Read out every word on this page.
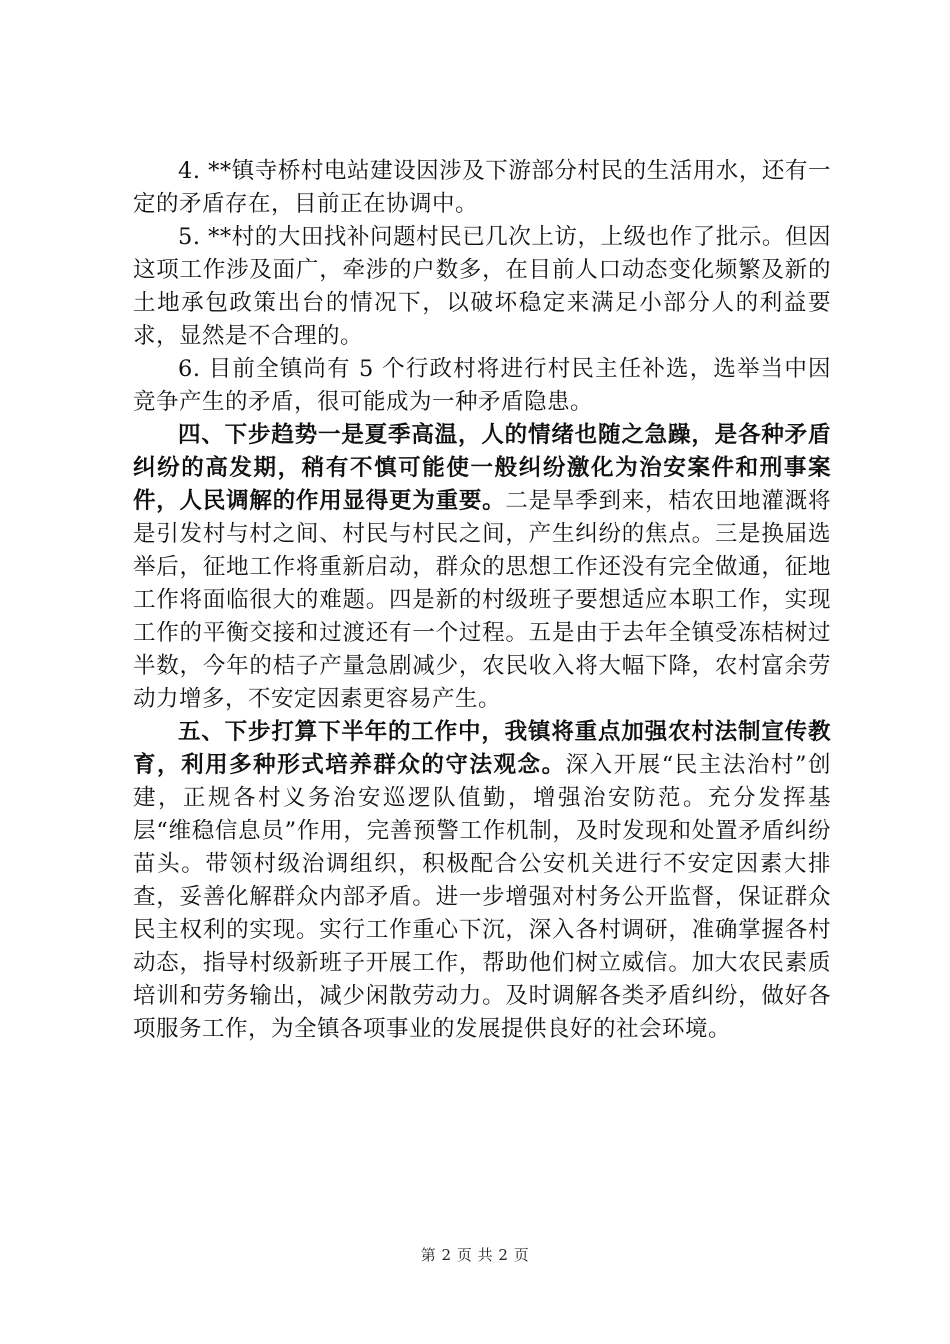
4. **镇寺桥村电站建设因涉及下游部分村民的生活用水，还有一定的矛盾存在，目前正在协调中。

5. **村的大田找补问题村民已几次上访，上级也作了批示。但因这项工作涉及面广，牵涉的户数多，在目前人口动态变化频繁及新的土地承包政策出台的情况下，以破坏稳定来满足小部分人的利益要求，显然是不合理的。

6. 目前全镇尚有 5 个行政村将进行村民主任补选，选举当中因竞争产生的矛盾，很可能成为一种矛盾隐患。

四、下步趋势一是夏季高温，人的情绪也随之急躁，是各种矛盾纠纷的高发期，稍有不慎可能使一般纠纷激化为治安案件和刑事案件，人民调解的作用显得更为重要。二是旱季到来，桔农田地灌溉将是引发村与村之间、村民与村民之间，产生纠纷的焦点。三是换届选举后，征地工作将重新启动，群众的思想工作还没有完全做通，征地工作将面临很大的难题。四是新的村级班子要想适应本职工作，实现工作的平衡交接和过渡还有一个过程。五是由于去年全镇受冻桔树过半数，今年的桔子产量急剧减少，农民收入将大幅下降，农村富余劳动力增多，不安定因素更容易产生。

五、下步打算下半年的工作中，我镇将重点加强农村法制宣传教育，利用多种形式培养群众的守法观念。深入开展“民主法治村”创建，正规各村义务治安巡逻队值勤，增强治安防范。充分发挥基层“维稳信息员”作用，完善预警工作机制，及时发现和处置矛盾纠纷苗头。带领村级治调组织，积极配合公安机关进行不安定因素大排查，妥善化解群众内部矛盾。进一步增强对村务公开监督，保证群众民主权利的实现。实行工作重心下沉，深入各村调研，准确掌握各村动态，指导村级新班子开展工作，帮助他们树立威信。加大农民素质培训和劳务输出，减少闲散劳动力。及时调解各类矛盾纠纷，做好各项服务工作，为全镇各项事业的发展提供良好的社会环境。

第 2 页 共 2 页
